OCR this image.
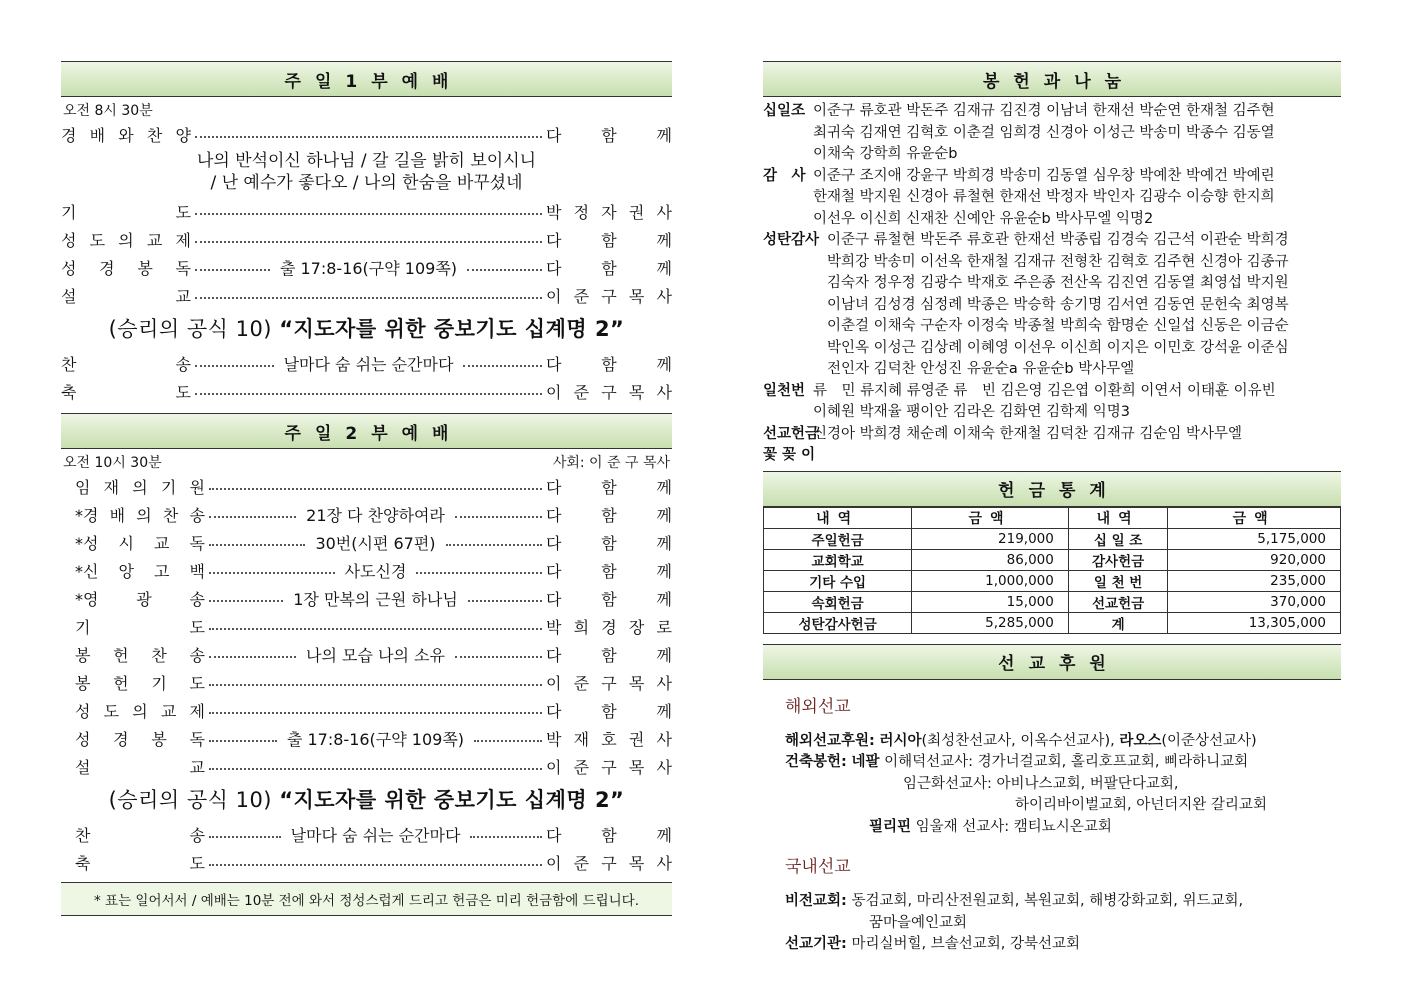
주일1부예배
오전 8시 30분
경 배 와 찬 양	다 함 께
나의 반석이신 하나님 / 갈 길을 밝히 보이시니
/ 난 예수가 좋다오 / 나의 한숨을 바꾸셨네
기	도	박 정 자 권 사
성 도 의 교 제	다 함 께
성 경 봉 독	출 17:8-16(구약 109쪽)	다 함 께
설	교	이 준 구 목 사
(승리의 공식 10) “지도자를 위한 중보기도 십계명 2”
찬	송	날마다 숨 쉬는 순간마다	다 함 께
축	도	이 준 구 목 사
주일2부예배
오전 10시 30분	사회: 이 준 구 목사
임 재 의 기 원	다 함 께
*경 배 의 찬 송	21장 다 찬양하여라	다 함 께
*성 시 교 독	30번(시편 67편)	다 함 께
*신 앙 고 백	사도신경	다 함 께
*영 광 송	1장 만복의 근원 하나님	다 함 께
기	도	박 희 경 장 로
봉 헌 찬 송	나의 모습 나의 소유	다 함 께
봉 헌 기 도	이 준 구 목 사
성 도 의 교 제	다 함 께
성 경 봉 독	출 17:8-16(구약 109쪽)	박 재 호 권 사
설	교	이 준 구 목 사
(승리의 공식 10) “지도자를 위한 중보기도 십계명 2”
찬	송	날마다 숨 쉬는 순간마다	다 함 께
축	도	이 준 구 목 사
* 표는 일어서서 / 예배는 10분 전에 와서 정성스럽게 드리고 헌금은 미리 헌금함에 드립니다.
봉헌과나눔
십일조 이준구 류호관 박돈주 김재규 김진경 이남녀 한재선 박순연 한재철 김주현
최귀숙 김재연 김혁호 이춘걸 임희경 신경아 이성근 박송미 박종수 김동열
이채숙 강학희 유윤순b
감　사 이준구 조지애 강윤구 박희경 박송미 김동열 심우창 박예찬 박예건 박예린
한재철 박지원 신경아 류철현 한재선 박정자 박인자 김광수 이승향 한지희
이선우 이신희 신재찬 신예안 유윤순b 박사무엘 익명2
성탄감사 이준구 류철현 박돈주 류호관 한재선 박종립 김경숙 김근석 이관순 박희경
박희강 박송미 이선옥 한재철 김재규 전형찬 김혁호 김주현 신경아 김종규
김숙자 정우정 김광수 박재호 주은종 전산옥 김진연 김동열 최영섭 박지원
이남녀 김성경 심정례 박종은 박승학 송기명 김서연 김동연 문헌숙 최영복
이춘걸 이채숙 구순자 이정숙 박종철 박희숙 함명순 신일섭 신동은 이금순
박인옥 이성근 김상례 이혜영 이선우 이신희 이지은 이민호 강석윤 이준심
전인자 김덕찬 안성진 유윤순a 유윤순b 박사무엘
일천번 류　민 류지혜 류영준 류　빈 김은영 김은엽 이환희 이연서 이태훈 이유빈
이혜원 박재율 팽이안 김라온 김화연 김학제 익명3
선교헌금
신경아 박희경 채순례 이채숙 한재철 김덕찬 김재규 김순임 박사무엘
꽃 꽂 이
헌금통계
내역	금액	내역	금액
주일헌금	219,000	십 일 조	5,175,000
교회학교	86,000	감사헌금	920,000
기타 수입	1,000,000	일 천 번	235,000
속회헌금	15,000	선교헌금	370,000
성탄감사헌금	5,285,000	계	13,305,000
선교후원
해외선교
해외선교후원:
러시아 (최성찬선교사, 이옥수선교사),
라오스 (이준상선교사)
건축봉헌:
네팔
이해덕선교사: 경가너걸교회, 홀리호프교회, 삐라하니교회
임근화선교사: 아비나스교회, 버팔단다교회,
하이리바이벌교회, 아넌더지완 갈리교회
필리핀
임울재 선교사: 캠티뇨시온교회
국내선교
비전교회:
동검교회, 마리산전원교회, 복원교회, 해병강화교회, 위드교회,
꿈마을예인교회
선교기관:
마리실버힐, 브솔선교회, 강북선교회
